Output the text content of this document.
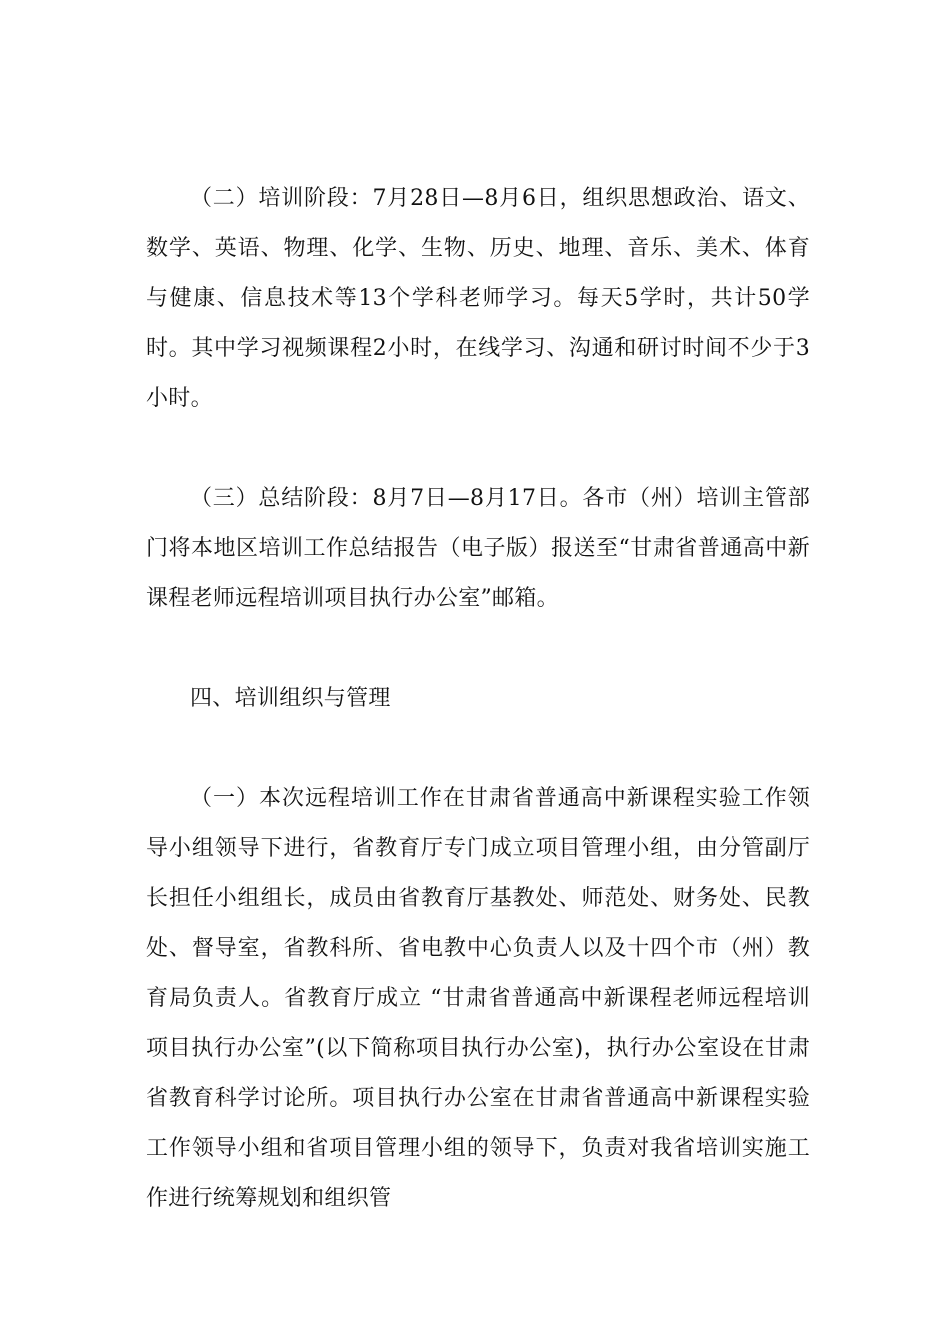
（二）培训阶段：7月28日—8月6日，组织思想政治、语文、数学、英语、物理、化学、生物、历史、地理、音乐、美术、体育与健康、信息技术等13个学科老师学习。每天5学时，共计50学时。其中学习视频课程2小时，在线学习、沟通和研讨时间不少于3小时。

（三）总结阶段：8月7日—8月17日。各市（州）培训主管部门将本地区培训工作总结报告（电子版）报送至“甘肃省普通高中新课程老师远程培训项目执行办公室”邮箱。

四、培训组织与管理

（一）本次远程培训工作在甘肃省普通高中新课程实验工作领导小组领导下进行，省教育厅专门成立项目管理小组，由分管副厅长担任小组组长，成员由省教育厅基教处、师范处、财务处、民教处、督导室，省教科所、省电教中心负责人以及十四个市（州）教育局负责人。省教育厅成立 “甘肃省普通高中新课程老师远程培训项目执行办公室”(以下简称项目执行办公室)，执行办公室设在甘肃省教育科学讨论所。项目执行办公室在甘肃省普通高中新课程实验工作领导小组和省项目管理小组的领导下，负责对我省培训实施工作进行统筹规划和组织管
